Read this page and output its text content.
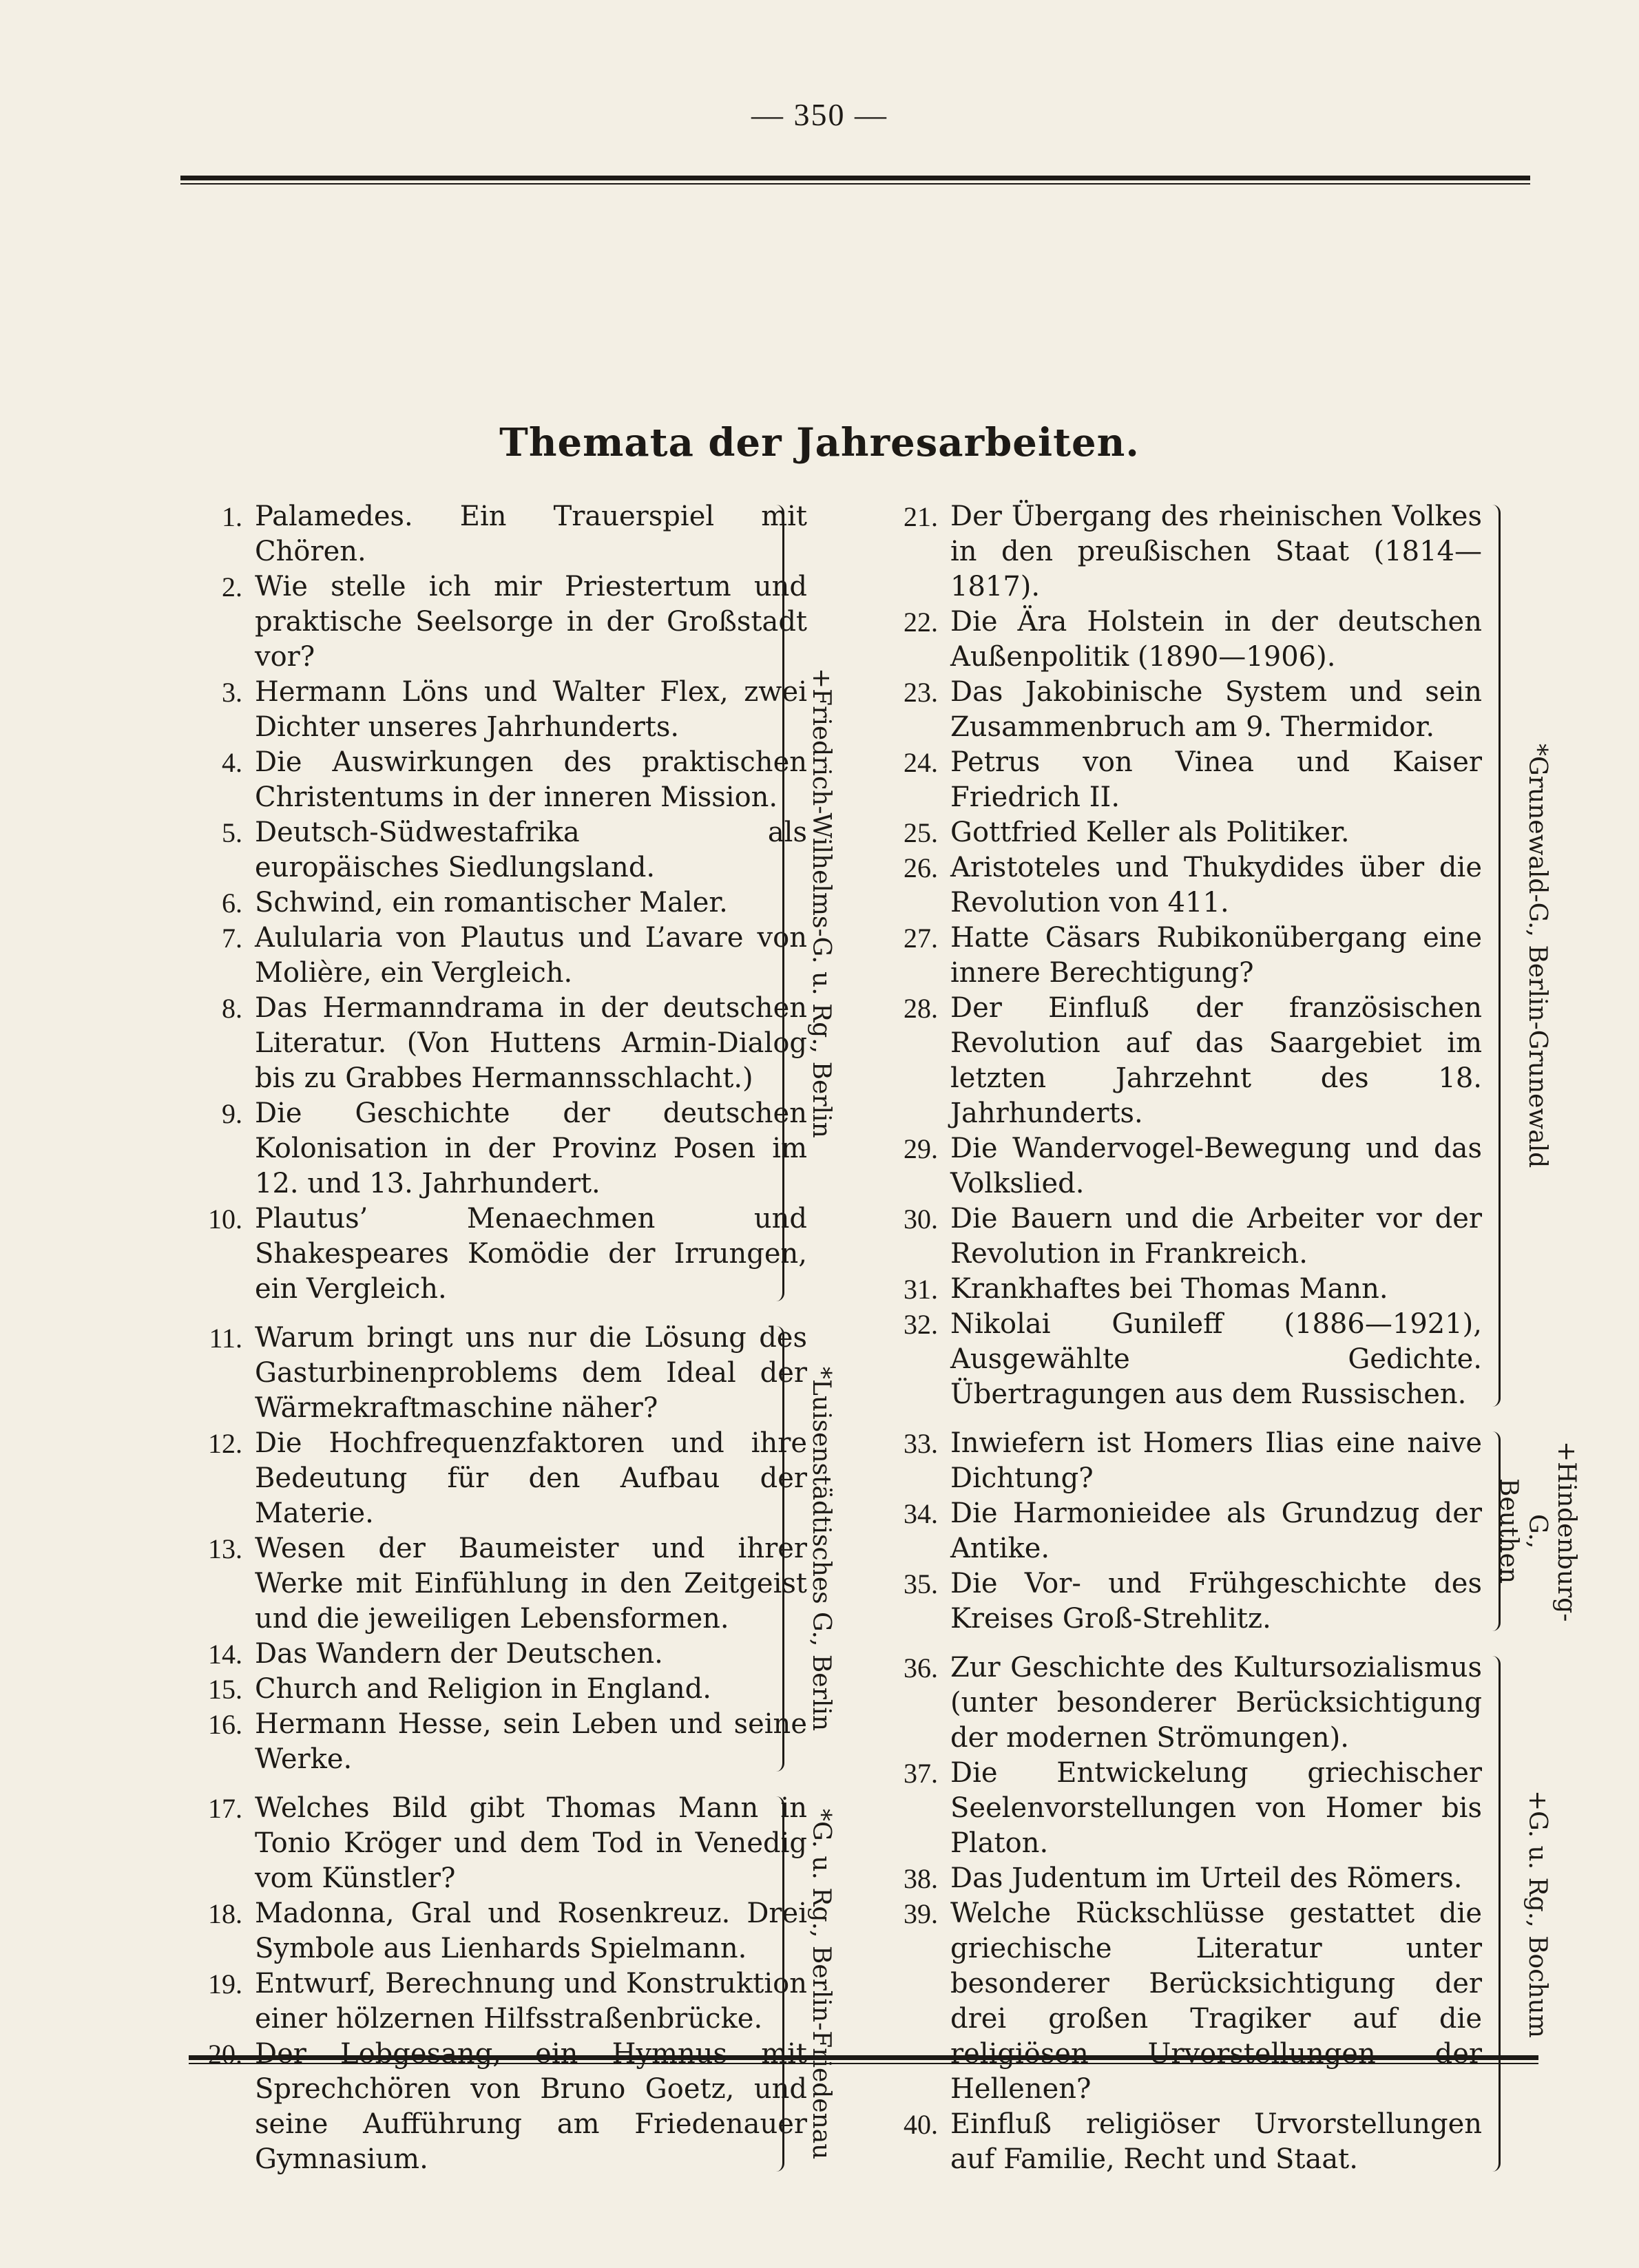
— 350 —
Themata der Jahresarbeiten.
1. Palamedes. Ein Trauerspiel mit Chören.
2. Wie stelle ich mir Priestertum und praktische Seelsorge in der Großstadt vor?
3. Hermann Löns und Walter Flex, zwei Dichter unseres Jahrhunderts.
4. Die Auswirkungen des praktischen Christentums in der inneren Mission.
5. Deutsch-Südwestafrika als europäisches Siedlungsland.
6. Schwind, ein romantischer Maler.
7. Aulularia von Plautus und L’avare von Molière, ein Vergleich.
8. Das Hermanndrama in der deutschen Literatur. (Von Huttens Armin-Dialog bis zu Grabbes Hermannsschlacht.)
9. Die Geschichte der deutschen Kolonisation in der Provinz Posen im 12. und 13. Jahrhundert.
10. Plautus’ Menaechmen und Shakespeares Komödie der Irrungen, ein Vergleich.
+Friedrich-Wilhelms-G. u. Rg., Berlin
11. Warum bringt uns nur die Lösung des Gasturbinenproblems dem Ideal der Wärmekraftmaschine näher?
12. Die Hochfrequenzfaktoren und ihre Bedeutung für den Aufbau der Materie.
13. Wesen der Baumeister und ihrer Werke mit Einfühlung in den Zeitgeist und die jeweiligen Lebensformen.
14. Das Wandern der Deutschen.
15. Church and Religion in England.
16. Hermann Hesse, sein Leben und seine Werke.
*Luisenstädtisches G., Berlin
17. Welches Bild gibt Thomas Mann in Tonio Kröger und dem Tod in Venedig vom Künstler?
18. Madonna, Gral und Rosenkreuz. Drei Symbole aus Lienhards Spielmann.
19. Entwurf, Berechnung und Konstruktion einer hölzernen Hilfsstraßenbrücke.
20. Der Lobgesang, ein Hymnus mit Sprechchören von Bruno Goetz, und seine Aufführung am Friedenauer Gymnasium.	*G. u. Rg., Berlin-Friedenau
21. Der Übergang des rheinischen Volkes in den preußischen Staat (1814—1817).
22. Die Ära Holstein in der deutschen Außenpolitik (1890—1906).
23. Das Jakobinische System und sein Zusammenbruch am 9. Thermidor.
24. Petrus von Vinea und Kaiser Friedrich II.
25. Gottfried Keller als Politiker.
26. Aristoteles und Thukydides über die Revolution von 411.
27. Hatte Cäsars Rubikonübergang eine innere Berechtigung?
28. Der Einfluß der französischen Revolution auf das Saargebiet im letzten Jahrzehnt des 18. Jahrhunderts.
29. Die Wandervogel-Bewegung und das Volkslied.
30. Die Bauern und die Arbeiter vor der Revolution in Frankreich.
31. Krankhaftes bei Thomas Mann.
32. Nikolai Gunileff (1886—1921), Ausgewählte Gedichte. Übertragungen aus dem Russischen.
*Grunewald-G., Berlin-Grunewald
33. Inwiefern ist Homers Ilias eine naive Dichtung?
34. Die Harmonieidee als Grundzug der Antike.
35. Die Vor- und Frühgeschichte des Kreises Groß-Strehlitz.	+Hindenburg-G.,
Beuthen
36. Zur Geschichte des Kultursozialismus (unter besonderer Berücksichtigung der modernen Strömungen).
37. Die Entwickelung griechischer Seelenvorstellungen von Homer bis Platon.
38. Das Judentum im Urteil des Römers.
39. Welche Rückschlüsse gestattet die griechische Literatur unter besonderer Berücksichtigung der drei großen Tragiker auf die religiösen Urvorstellungen der Hellenen?
40. Einfluß religiöser Urvorstellungen auf Familie, Recht und Staat.
+G. u. Rg., Bochum
